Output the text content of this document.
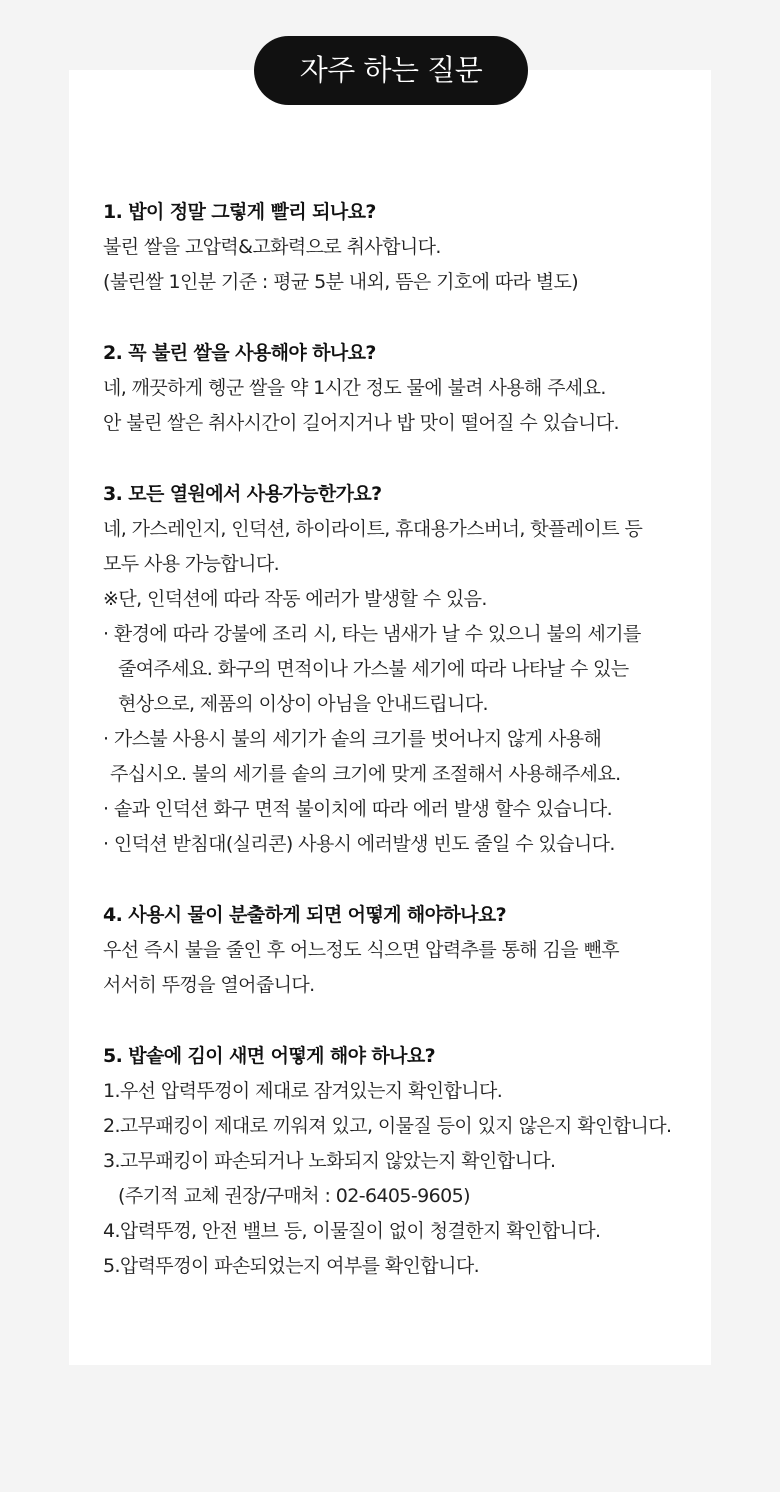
자주 하는 질문

1. 밥이 정말 그렇게 빨리 되나요?

불린 쌀을 고압력&고화력으로 취사합니다.

(불린쌀 1인분 기준 : 평균 5분 내외, 뜸은 기호에 따라 별도)

2. 꼭 불린 쌀을 사용해야 하나요?

네, 깨끗하게 헹군 쌀을 약 1시간 정도 물에 불려 사용해 주세요.

안 불린 쌀은 취사시간이 길어지거나 밥 맛이 떨어질 수 있습니다.

3. 모든 열원에서 사용가능한가요?

네, 가스레인지, 인덕션, 하이라이트, 휴대용가스버너, 핫플레이트 등

모두 사용 가능합니다.

※단, 인덕션에 따라 작동 에러가 발생할 수 있음.

· 환경에 따라 강불에 조리 시, 타는 냄새가 날 수 있으니 불의 세기를

줄여주세요. 화구의 면적이나 가스불 세기에 따라 나타날 수 있는

현상으로, 제품의 이상이 아님을 안내드립니다.

· 가스불 사용시 불의 세기가 솥의 크기를 벗어나지 않게 사용해

주십시오. 불의 세기를 솥의 크기에 맞게 조절해서 사용해주세요.

· 솥과 인덕션 화구 면적 불이치에 따라 에러 발생 할수 있습니다.

· 인덕션 받침대(실리콘) 사용시 에러발생 빈도 줄일 수 있습니다.

4. 사용시 물이 분출하게 되면 어떻게 해야하나요?

우선 즉시 불을 줄인 후 어느정도 식으면 압력추를 통해 김을 뺀후

서서히 뚜껑을 열어줍니다.

5. 밥솥에 김이 새면 어떻게 해야 하나요?

1.우선 압력뚜껑이 제대로 잠겨있는지 확인합니다.

2.고무패킹이 제대로 끼워져 있고, 이물질 등이 있지 않은지 확인합니다.

3.고무패킹이 파손되거나 노화되지 않았는지 확인합니다.

(주기적 교체 권장/구매처 : 02-6405-9605)

4.압력뚜껑, 안전 밸브 등, 이물질이 없이 청결한지 확인합니다.

5.압력뚜껑이 파손되었는지 여부를 확인합니다.
